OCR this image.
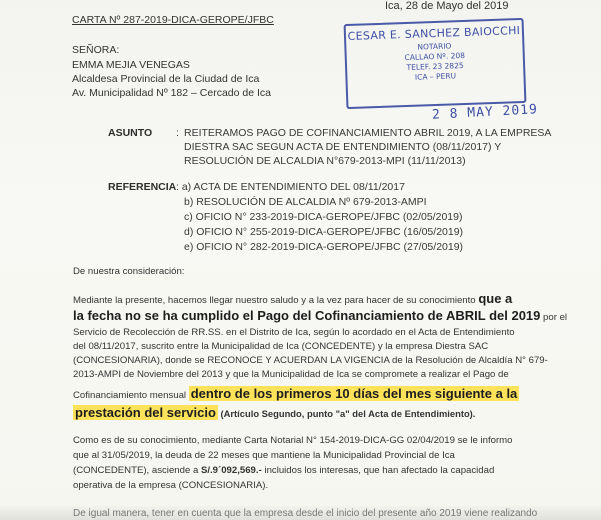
Ica, 28 de Mayo del 2019
CARTA Nº 287-2019-DICA-GEROPE/JFBC
SEÑORA:
EMMA MEJIA VENEGAS
Alcaldesa Provincial de la Ciudad de Ica
Av. Municipalidad Nº 182 – Cercado de Ica
CESAR E. SANCHEZ BAIOCCHI
NOTARIO
CALLAO Nº. 208
TELEF. 23 2825
ICA – PERU
2 8 MAY 2019
ASUNTO : REITERAMOS PAGO DE COFINANCIAMIENTO ABRIL 2019, A LA EMPRESA
DIESTRA SAC SEGUN ACTA DE ENTENDIMIENTO (08/11/2017) Y
RESOLUCIÓN DE ALCALDIA N°679-2013-MPI (11/11/2013)
REFERENCIA : a) ACTA DE ENTENDIMIENTO DEL 08/11/2017
b) RESOLUCIÓN DE ALCALDIA Nº 679-2013-AMPI
c) OFICIO N° 233-2019-DICA-GEROPE/JFBC (02/05/2019)
d) OFICIO N° 255-2019-DICA-GEROPE/JFBC (16/05/2019)
e) OFICIO N° 282-2019-DICA-GEROPE/JFBC (27/05/2019)
De nuestra consideración:
Mediante la presente, hacemos llegar nuestro saludo y a la vez para hacer de su conocimiento que a
la fecha no se ha cumplido el Pago del Cofinanciamiento de ABRIL del 2019 por el
Servicio de Recolección de RR.SS. en el Distrito de Ica, según lo acordado en el Acta de Entendimiento
del 08/11/2017, suscrito entre la Municipalidad de Ica (CONCEDENTE) y la empresa Diestra SAC
(CONCESIONARIA), donde se RECONOCE Y ACUERDAN LA VIGENCIA de la Resolución de Alcaldía N° 679-
2013-AMPI de Noviembre del 2013 y que la Municipalidad de Ica se compromete a realizar el Pago de
Cofinanciamiento mensual dentro de los primeros 10 días del mes siguiente a la
prestación del servicio (Artículo Segundo, punto "a" del Acta de Entendimiento).
Como es de su conocimiento, mediante Carta Notarial N° 154-2019-DICA-GG 02/04/2019 se le informo
que al 31/05/2019, la deuda de 22 meses que mantiene la Municipalidad Provincial de Ica
(CONCEDENTE), asciende a S/.9´092,569.- incluidos los interesas, que han afectado la capacidad
operativa de la empresa (CONCESIONARIA).
De igual manera, tener en cuenta que la empresa desde el inicio del presente año 2019 viene realizando
